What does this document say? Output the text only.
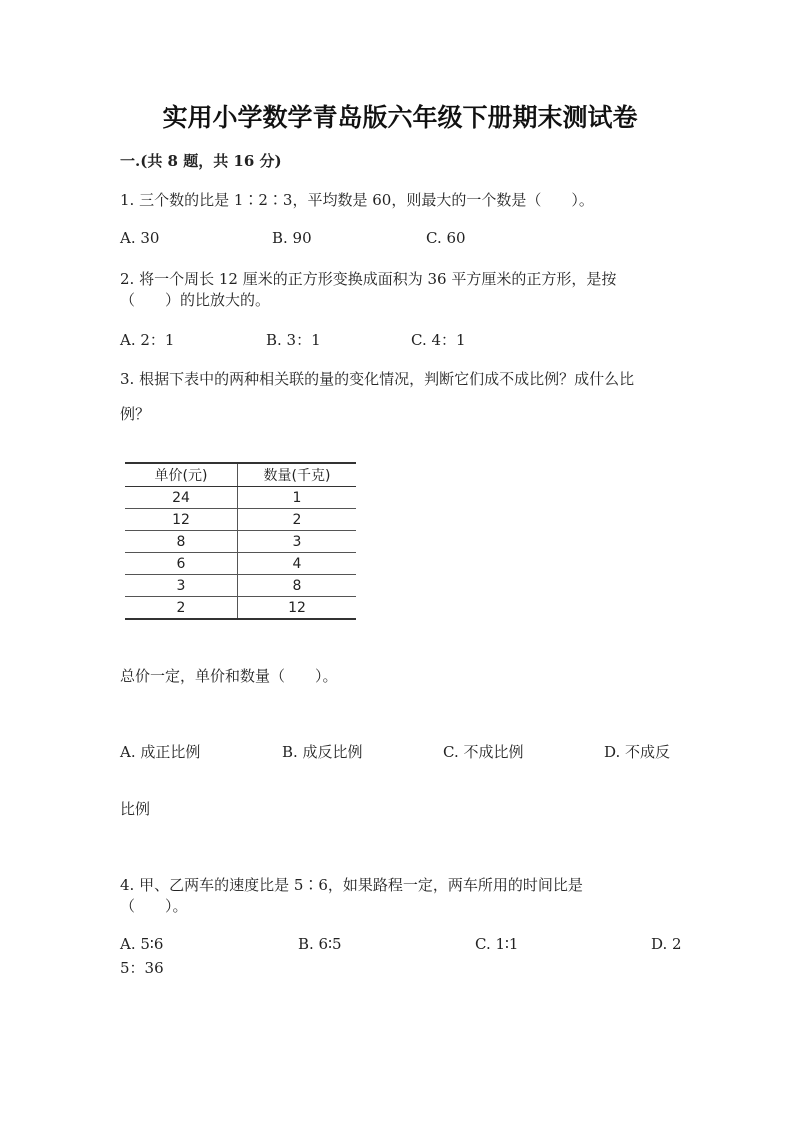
实用小学数学青岛版六年级下册期末测试卷
一.(共 8 题，共 16 分)
1. 三个数的比是 1∶2∶3，平均数是 60，则最大的一个数是（　　）。
A. 30	B. 90	C. 60
2. 将一个周长 12 厘米的正方形变换成面积为 36 平方厘米的正方形，是按
（　　）的比放大的。
A. 2：1	B. 3：1	C. 4：1
3. 根据下表中的两种相关联的量的变化情况，判断它们成不成比例？成什么比
例？
单价(元)	数量(千克)
24	1
12	2
8	3
6	4
3	8
2	12
总价一定，单价和数量（　　）。
A. 成正比例	B. 成反比例	C. 不成比例	D. 不成反
比例
4. 甲、乙两车的速度比是 5∶6，如果路程一定，两车所用的时间比是
（　　）。
A. 5∶6	B. 6∶5	C. 1∶1	D. 2
5：36
